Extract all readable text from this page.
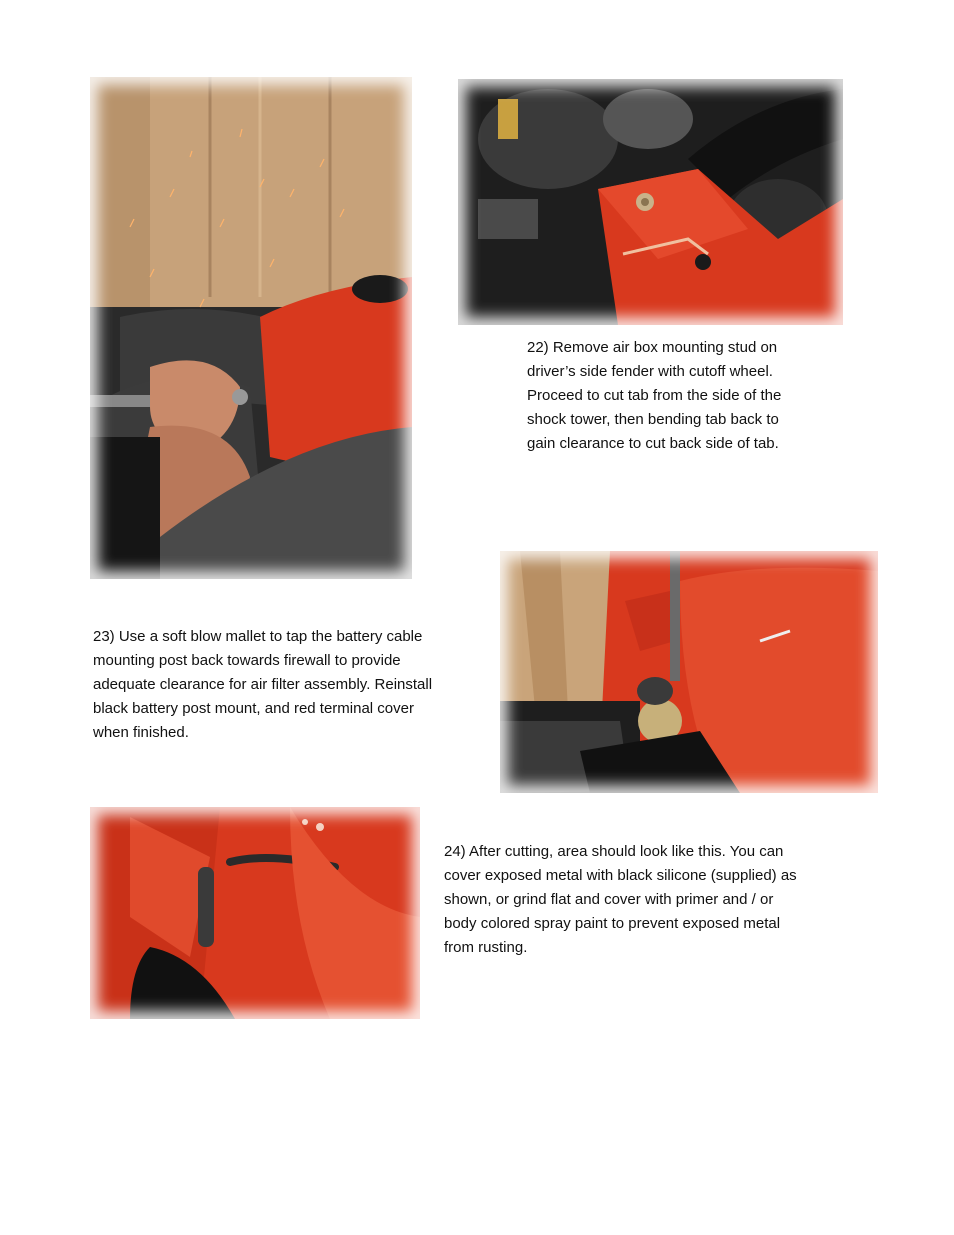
22) Remove air box mounting stud on
driver’s side fender with cutoff wheel.
Proceed to cut tab from the side of the
shock tower, then bending tab back to
gain clearance to cut back side of tab.

23) Use a soft blow mallet to tap the battery cable
mounting post back towards firewall to provide
adequate clearance for air filter assembly. Reinstall
black battery post mount, and red terminal cover
when finished.

24) After cutting, area should look like this. You can
cover exposed metal with black silicone (supplied) as
shown, or grind flat and cover with primer and / or
body colored spray paint to prevent exposed metal
from rusting.
